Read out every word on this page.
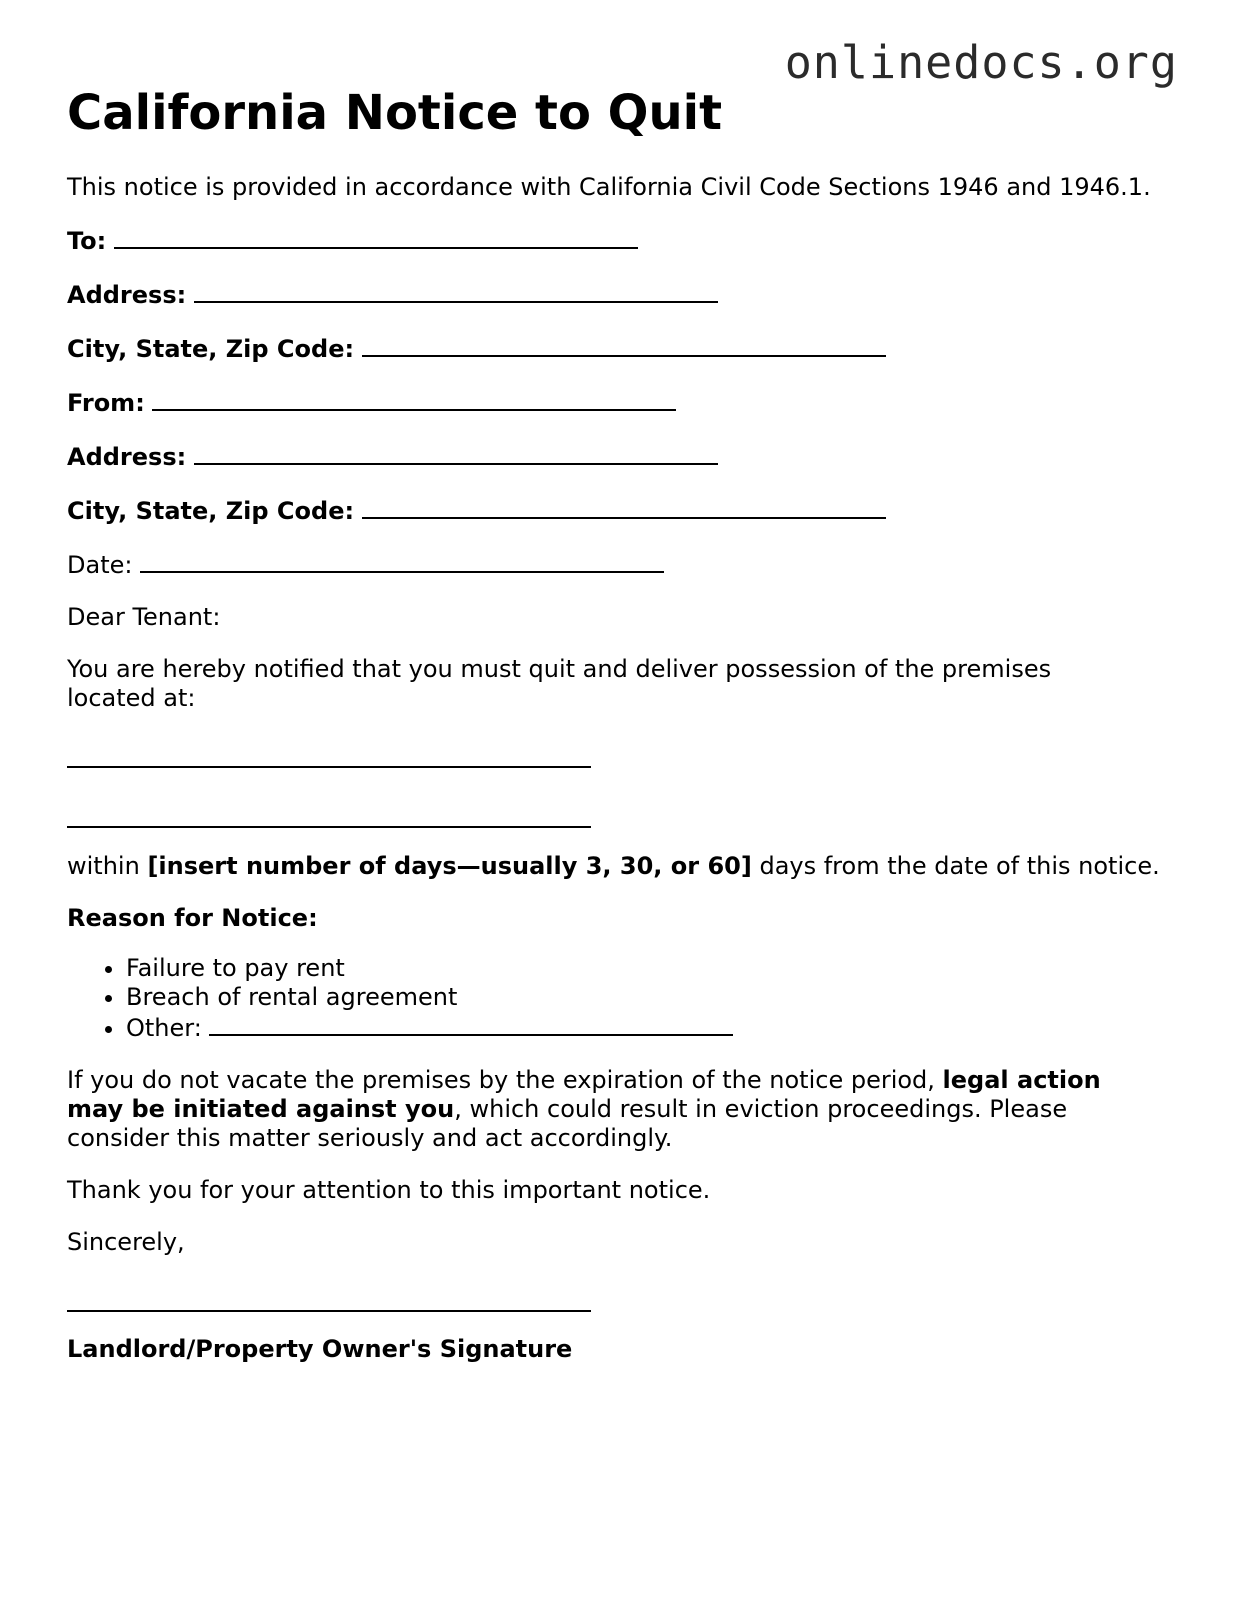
onlinedocs.org
California Notice to Quit

This notice is provided in accordance with California Civil Code Sections 1946 and 1946.1.

To:

Address:

City, State, Zip Code:

From:

Address:

City, State, Zip Code:

Date:

Dear Tenant:

You are hereby notified that you must quit and deliver possession of the premises located at:

within [insert number of days—usually 3, 30, or 60] days from the date of this notice.

Reason for Notice:

• Failure to pay rent
• Breach of rental agreement
• Other:

If you do not vacate the premises by the expiration of the notice period, legal action may be initiated against you, which could result in eviction proceedings. Please consider this matter seriously and act accordingly.

Thank you for your attention to this important notice.

Sincerely,

Landlord/Property Owner's Signature
